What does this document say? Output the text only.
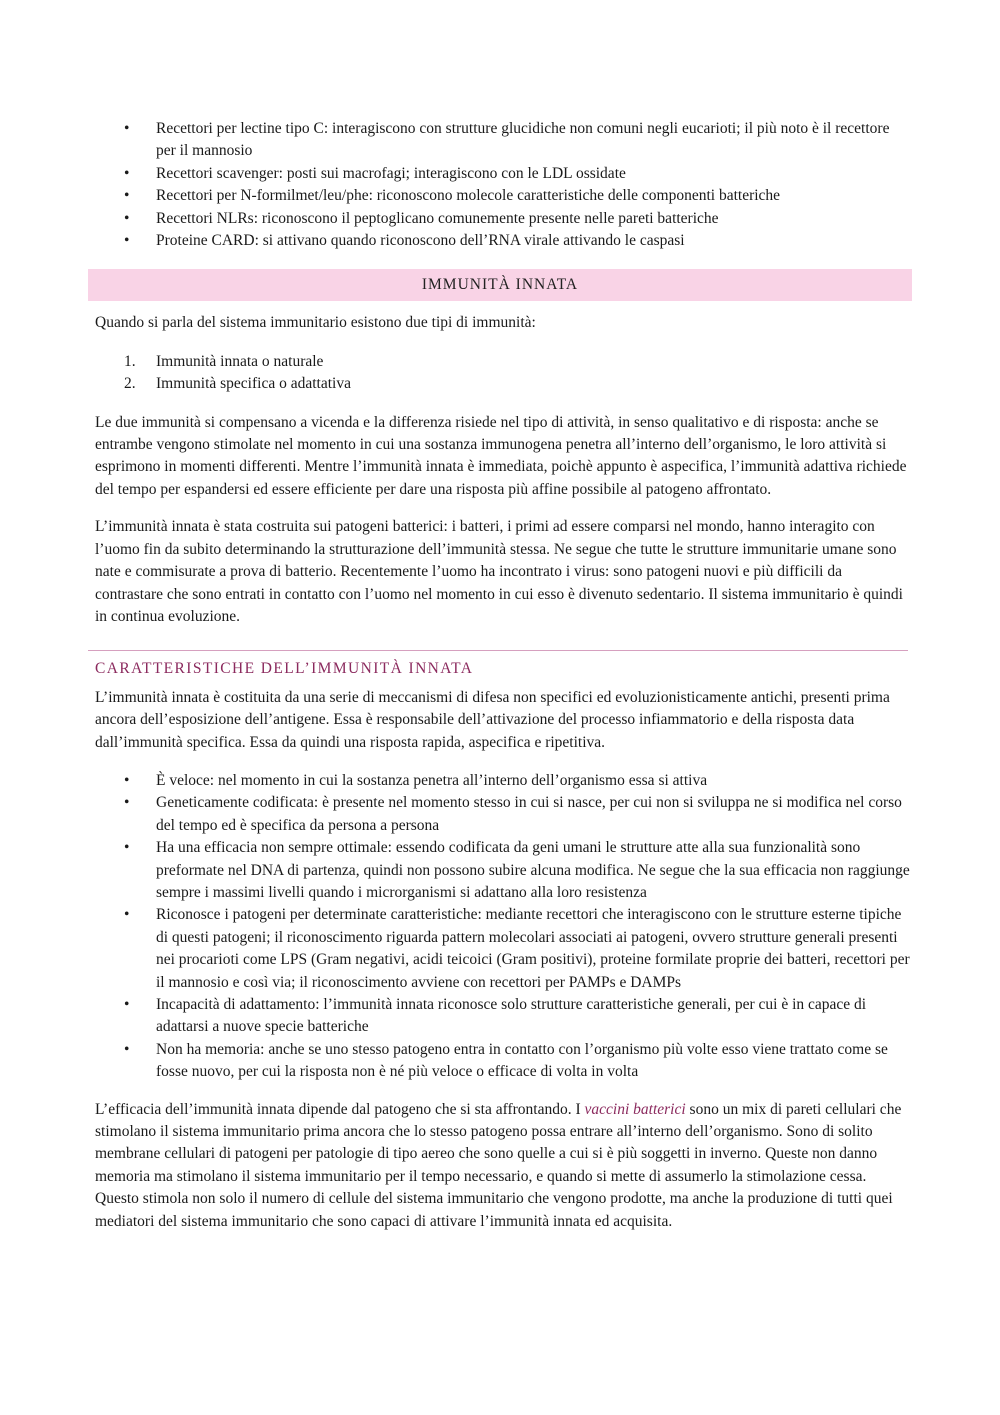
• Recettori per lectine tipo C: interagiscono con strutture glucidiche non comuni negli eucarioti; il più noto è il recettore per il mannosio
• Recettori scavenger: posti sui macrofagi; interagiscono con le LDL ossidate
• Recettori per N-formilmet/leu/phe: riconoscono molecole caratteristiche delle componenti batteriche
• Recettori NLRs: riconoscono il peptoglicano comunemente presente nelle pareti batteriche
• Proteine CARD: si attivano quando riconoscono dell’RNA virale attivando le caspasi
IMMUNITÀ INNATA

Quando si parla del sistema immunitario esistono due tipi di immunità:

1. Immunità innata o naturale
2. Immunità specifica o adattativa

Le due immunità si compensano a vicenda e la differenza risiede nel tipo di attività, in senso qualitativo e di risposta: anche se entrambe vengono stimolate nel momento in cui una sostanza immunogena penetra all’interno dell’organismo, le loro attività si esprimono in momenti differenti. Mentre l’immunità innata è immediata, poichè appunto è aspecifica, l’immunità adattiva richiede del tempo per espandersi ed essere efficiente per dare una risposta più affine possibile al patogeno affrontato.

L’immunità innata è stata costruita sui patogeni batterici: i batteri, i primi ad essere comparsi nel mondo, hanno interagito con l’uomo fin da subito determinando la strutturazione dell’immunità stessa. Ne segue che tutte le strutture immunitarie umane sono nate e commisurate a prova di batterio. Recentemente l’uomo ha incontrato i virus: sono patogeni nuovi e più difficili da contrastare che sono entrati in contatto con l’uomo nel momento in cui esso è divenuto sedentario. Il sistema immunitario è quindi in continua evoluzione.

CARATTERISTICHE DELL’IMMUNITÀ INNATA

L’immunità innata è costituita da una serie di meccanismi di difesa non specifici ed evoluzionisticamente antichi, presenti prima ancora dell’esposizione dell’antigene. Essa è responsabile dell’attivazione del processo infiammatorio e della risposta data dall’immunità specifica. Essa da quindi una risposta rapida, aspecifica e ripetitiva.

• È veloce: nel momento in cui la sostanza penetra all’interno dell’organismo essa si attiva
• Geneticamente codificata: è presente nel momento stesso in cui si nasce, per cui non si sviluppa ne si modifica nel corso del tempo ed è specifica da persona a persona
• Ha una efficacia non sempre ottimale: essendo codificata da geni umani le strutture atte alla sua funzionalità sono preformate nel DNA di partenza, quindi non possono subire alcuna modifica. Ne segue che la sua efficacia non raggiunge sempre i massimi livelli quando i microrganismi si adattano alla loro resistenza
• Riconosce i patogeni per determinate caratteristiche: mediante recettori che interagiscono con le strutture esterne tipiche di questi patogeni; il riconoscimento riguarda pattern molecolari associati ai patogeni, ovvero strutture generali presenti nei procarioti come LPS (Gram negativi, acidi teicoici (Gram positivi), proteine formilate proprie dei batteri, recettori per il mannosio e così via; il riconoscimento avviene con recettori per PAMPs e DAMPs
• Incapacità di adattamento: l’immunità innata riconosce solo strutture caratteristiche generali, per cui è in capace di adattarsi a nuove specie batteriche
• Non ha memoria: anche se uno stesso patogeno entra in contatto con l’organismo più volte esso viene trattato come se fosse nuovo, per cui la risposta non è né più veloce o efficace di volta in volta

L’efficacia dell’immunità innata dipende dal patogeno che si sta affrontando. I vaccini batterici sono un mix di pareti cellulari che stimolano il sistema immunitario prima ancora che lo stesso patogeno possa entrare all’interno dell’organismo. Sono di solito membrane cellulari di patogeni per patologie di tipo aereo che sono quelle a cui si è più soggetti in inverno. Queste non danno memoria ma stimolano il sistema immunitario per il tempo necessario, e quando si mette di assumerlo la stimolazione cessa. Questo stimola non solo il numero di cellule del sistema immunitario che vengono prodotte, ma anche la produzione di tutti quei mediatori del sistema immunitario che sono capaci di attivare l’immunità innata ed acquisita.
